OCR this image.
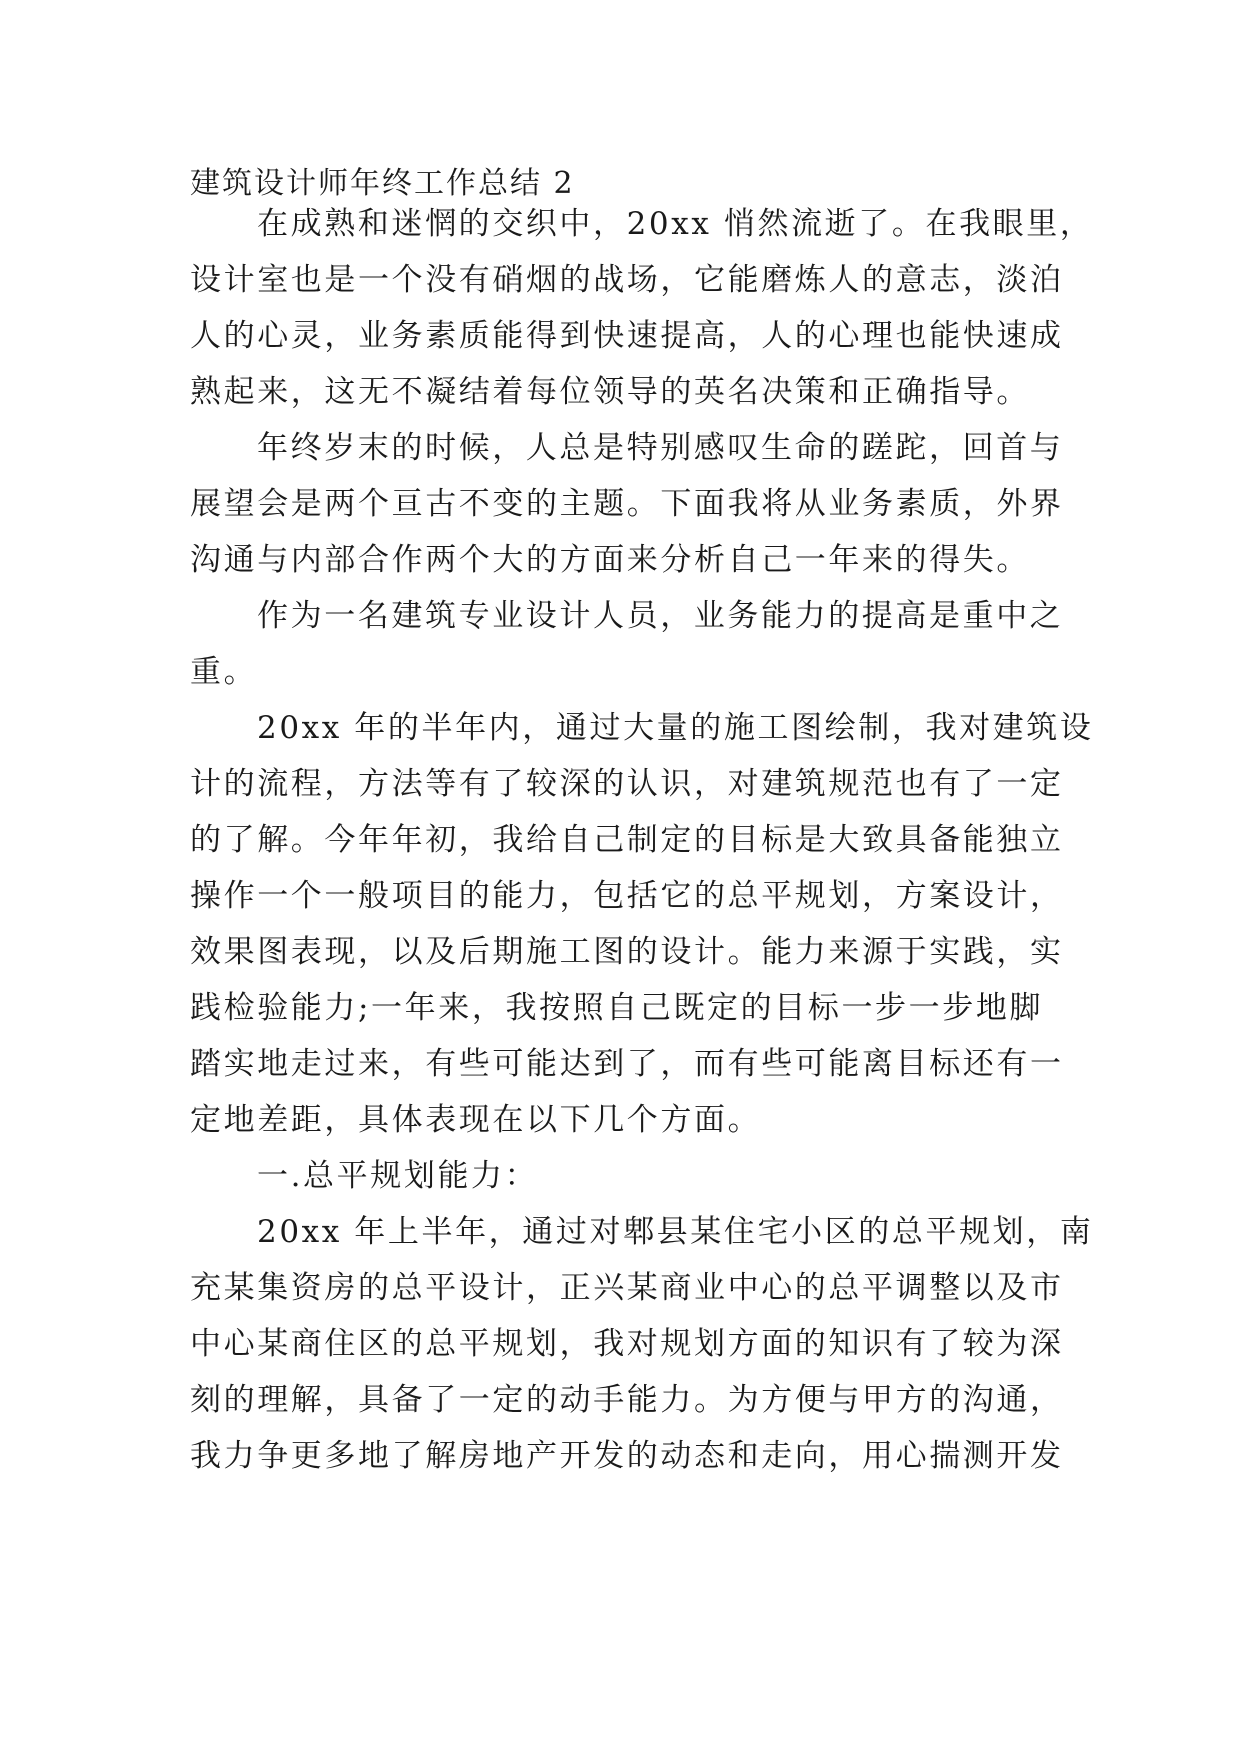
建筑设计师年终工作总结 2
在成熟和迷惘的交织中，20xx 悄然流逝了。在我眼里，
设计室也是一个没有硝烟的战场，它能磨炼人的意志，淡泊
人的心灵，业务素质能得到快速提高，人的心理也能快速成
熟起来，这无不凝结着每位领导的英名决策和正确指导。
年终岁末的时候，人总是特别感叹生命的蹉跎，回首与
展望会是两个亘古不变的主题。下面我将从业务素质，外界
沟通与内部合作两个大的方面来分析自己一年来的得失。
作为一名建筑专业设计人员，业务能力的提高是重中之
重。
20xx 年的半年内，通过大量的施工图绘制，我对建筑设
计的流程，方法等有了较深的认识，对建筑规范也有了一定
的了解。今年年初，我给自己制定的目标是大致具备能独立
操作一个一般项目的能力，包括它的总平规划，方案设计，
效果图表现，以及后期施工图的设计。能力来源于实践，实
践检验能力;一年来，我按照自己既定的目标一步一步地脚
踏实地走过来，有些可能达到了，而有些可能离目标还有一
定地差距，具体表现在以下几个方面。
一.总平规划能力：
20xx 年上半年，通过对郫县某住宅小区的总平规划，南
充某集资房的总平设计，正兴某商业中心的总平调整以及市
中心某商住区的总平规划，我对规划方面的知识有了较为深
刻的理解，具备了一定的动手能力。为方便与甲方的沟通，
我力争更多地了解房地产开发的动态和走向，用心揣测开发
